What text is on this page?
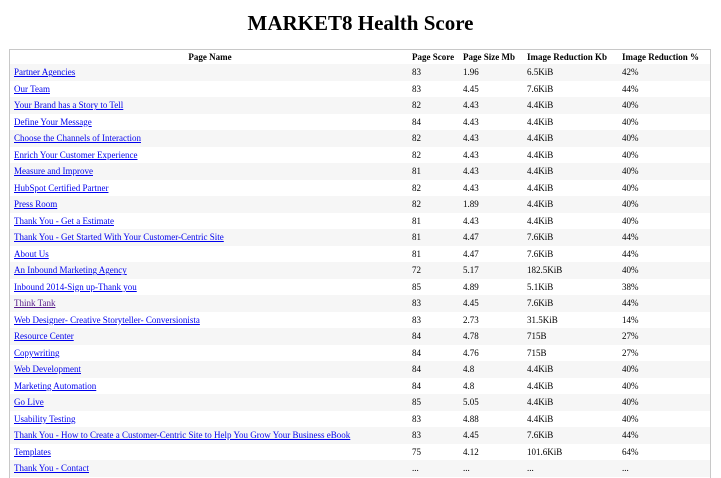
MARKET8 Health Score
Page Name	Page Score	Page Size Mb	Image Reduction Kb	Image Reduction %
Partner Agencies	83	1.96	6.5KiB	42%
Our Team	83	4.45	7.6KiB	44%
Your Brand has a Story to Tell	82	4.43	4.4KiB	40%
Define Your Message	84	4.43	4.4KiB	40%
Choose the Channels of Interaction	82	4.43	4.4KiB	40%
Enrich Your Customer Experience	82	4.43	4.4KiB	40%
Measure and Improve	81	4.43	4.4KiB	40%
HubSpot Certified Partner	82	4.43	4.4KiB	40%
Press Room	82	1.89	4.4KiB	40%
Thank You - Get a Estimate	81	4.43	4.4KiB	40%
Thank You - Get Started With Your Customer-Centric Site	81	4.47	7.6KiB	44%
About Us	81	4.47	7.6KiB	44%
An Inbound Marketing Agency	72	5.17	182.5KiB	40%
Inbound 2014-Sign up-Thank you	85	4.89	5.1KiB	38%
Think Tank	83	4.45	7.6KiB	44%
Web Designer- Creative Storyteller- Conversionista	83	2.73	31.5KiB	14%
Resource Center	84	4.78	715B	27%
Copywriting	84	4.76	715B	27%
Web Development	84	4.8	4.4KiB	40%
Marketing Automation	84	4.8	4.4KiB	40%
Go Live	85	5.05	4.4KiB	40%
Usability Testing	83	4.88	4.4KiB	40%
Thank You - How to Create a Customer-Centric Site to Help You Grow Your Business eBook	83	4.45	7.6KiB	44%
Templates	75	4.12	101.6KiB	64%
Thank You - Contact	...	...	...	...
